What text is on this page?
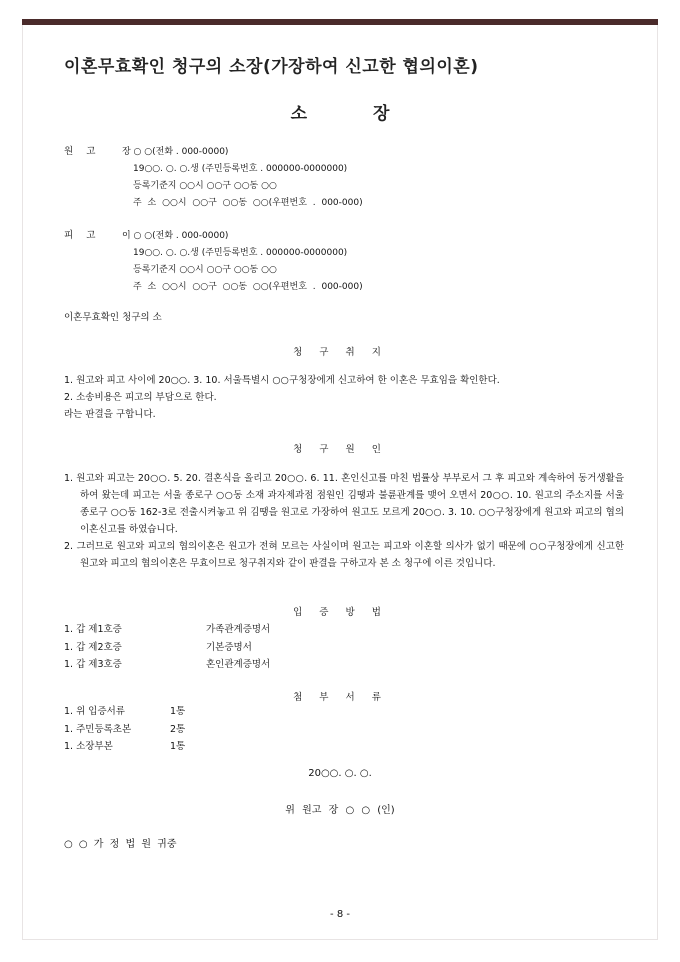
이혼무효확인 청구의 소장(가장하여 신고한 협의이혼)
소 장
원 고	장 ○ ○(전화 . 000-0000)
19○○. ○. ○.생 (주민등록번호 . 000000-0000000)
등록기준지 ○○시 ○○구 ○○동 ○○
주 소 ○○시 ○○구 ○○동 ○○(우편번호 . 000-000)
피 고	이 ○ ○(전화 . 000-0000)
19○○. ○. ○.생 (주민등록번호 . 000000-0000000)
등록기준지 ○○시 ○○구 ○○동 ○○
주 소 ○○시 ○○구 ○○동 ○○(우편번호 . 000-000)
이혼무효확인 청구의 소
청 구 취 지
1. 원고와 피고 사이에 20○○. 3. 10. 서울특별시 ○○구청장에게 신고하여 한 이혼은 무효임을 확인한다.
2. 소송비용은 피고의 부담으로 한다.
라는 판결을 구합니다.
청 구 원 인
1. 원고와 피고는 20○○. 5. 20. 결혼식을 올리고 20○○. 6. 11. 혼인신고를 마친 법률상 부부로서 그 후 피고와 계속하여 동거생활을 하여 왔는데 피고는 서울 종로구 ○○동 소재 과자제과점 점원인 김땡과 불륜관계를 맺어 오면서 20○○. 10. 원고의 주소지를 서울 종로구 ○○동 162-3로 전출시켜놓고 위 김땡을 원고로 가장하여 원고도 모르게 20○○. 3. 10. ○○구청장에게 원고와 피고의 협의이혼신고를 하였습니다.
2. 그러므로 원고와 피고의 협의이혼은 원고가 전혀 모르는 사실이며 원고는 피고와 이혼할 의사가 없기 때문에 ○○구청장에게 신고한 원고와 피고의 협의이혼은 무효이므로 청구취지와 같이 판결을 구하고자 본 소 청구에 이른 것입니다.
입 증 방 법
1. 갑 제1호증	가족관계증명서
1. 갑 제2호증	기본증명서
1. 갑 제3호증	혼인관계증명서
첨 부 서 류
1. 위 입증서류	1통
1. 주민등록초본	2통
1. 소장부본	1통
20○○. ○. ○.
위 원고 장 ○ ○ (인)
○ ○ 가 정 법 원 귀중
- 8 -
